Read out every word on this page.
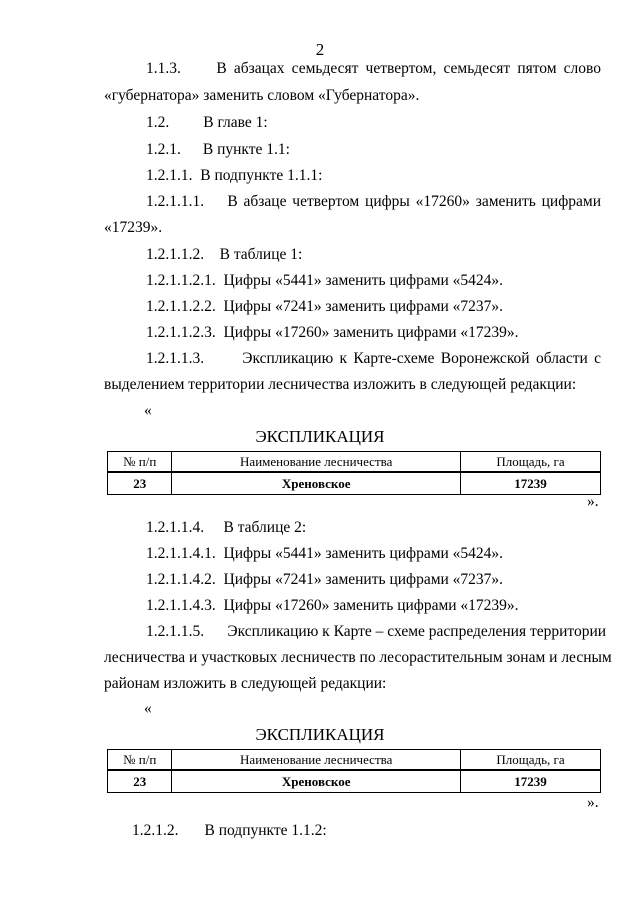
2
1.1.3. В абзацах семьдесят четвертом, семьдесят пятом слово
«губернатора» заменить словом «Губернатора».
1.2. В главе 1:
1.2.1. В пункте 1.1:
1.2.1.1. В подпункте 1.1.1:
1.2.1.1.1. В абзаце четвертом цифры «17260» заменить цифрами
«17239».
1.2.1.1.2. В таблице 1:
1.2.1.1.2.1. Цифры «5441» заменить цифрами «5424».
1.2.1.1.2.2. Цифры «7241» заменить цифрами «7237».
1.2.1.1.2.3. Цифры «17260» заменить цифрами «17239».
1.2.1.1.3. Экспликацию к Карте-схеме Воронежской области с
выделением территории лесничества изложить в следующей редакции:
«
ЭКСПЛИКАЦИЯ
№ п/п	Наименование лесничества	Площадь, га
23	Хреновское	17239
».
1.2.1.1.4. В таблице 2:
1.2.1.1.4.1. Цифры «5441» заменить цифрами «5424».
1.2.1.1.4.2. Цифры «7241» заменить цифрами «7237».
1.2.1.1.4.3. Цифры «17260» заменить цифрами «17239».
1.2.1.1.5. Экспликацию к Карте – схеме распределения территории
лесничества и участковых лесничеств по лесорастительным зонам и лесным
районам изложить в следующей редакции:
«
ЭКСПЛИКАЦИЯ
№ п/п	Наименование лесничества	Площадь, га
23	Хреновское	17239
».
1.2.1.2. В подпункте 1.1.2:
